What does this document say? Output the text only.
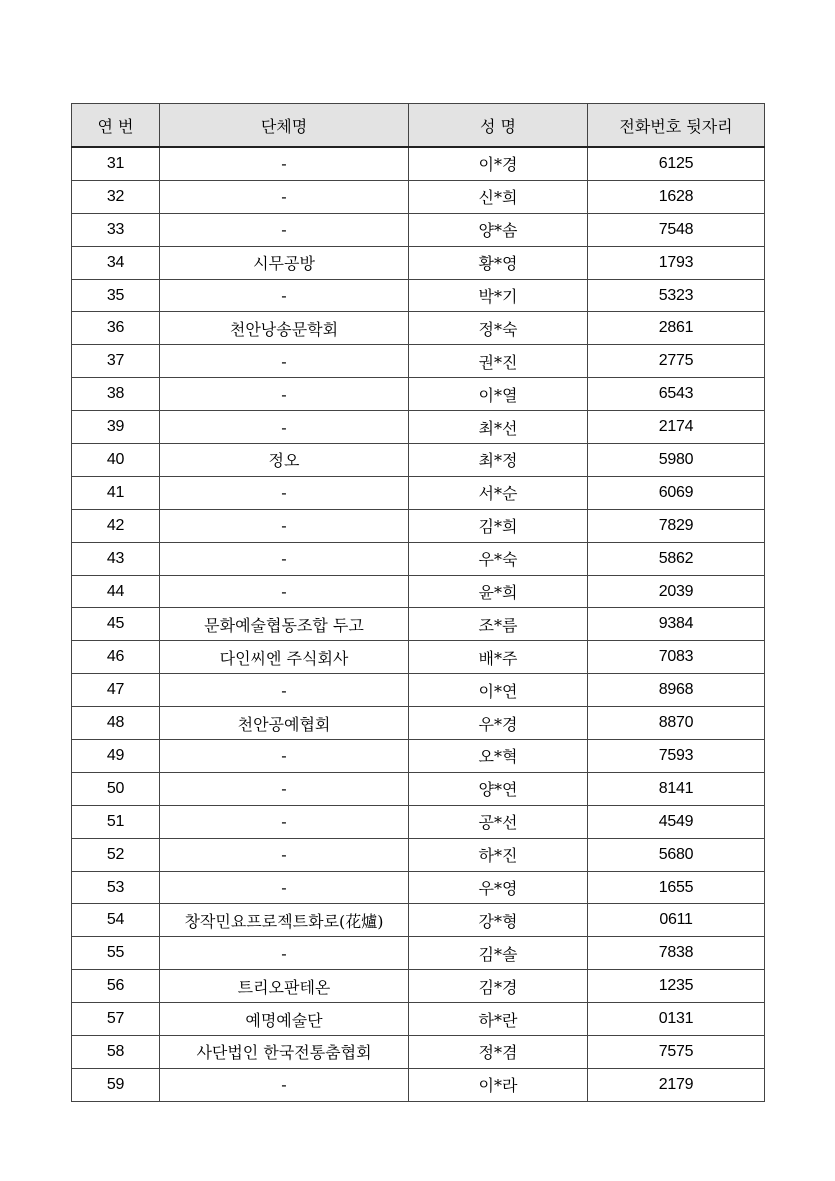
연 번	단체명	성 명	전화번호 뒷자리
31	-	이*경	6125
32	-	신*희	1628
33	-	양*솜	7548
34	시무공방	황*영	1793
35	-	박*기	5323
36	천안낭송문학회	정*숙	2861
37	-	권*진	2775
38	-	이*열	6543
39	-	최*선	2174
40	정오	최*정	5980
41	-	서*순	6069
42	-	김*희	7829
43	-	우*숙	5862
44	-	윤*희	2039
45	문화예술협동조합 두고	조*름	9384
46	다인씨엔 주식회사	배*주	7083
47	-	이*연	8968
48	천안공예협회	우*경	8870
49	-	오*혁	7593
50	-	양*연	8141
51	-	공*선	4549
52	-	하*진	5680
53	-	우*영	1655
54	창작민요프로젝트화로(花爐)	강*형	0611
55	-	김*솔	7838
56	트리오판테온	김*경	1235
57	예명예술단	하*란	0131
58	사단법인 한국전통춤협회	정*겸	7575
59	-	이*라	2179
